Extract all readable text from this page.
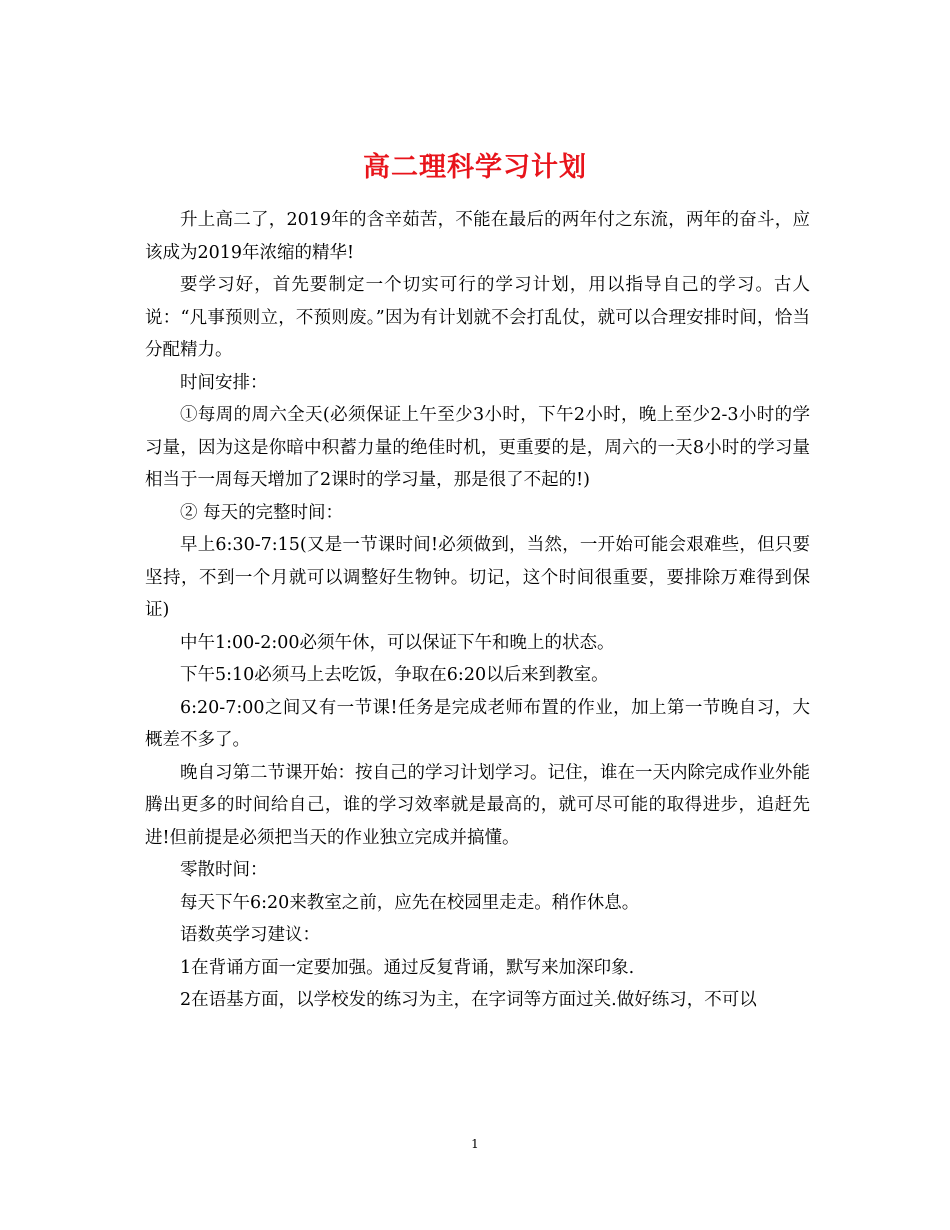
高二理科学习计划

升上高二了，2019年的含辛茹苦，不能在最后的两年付之东流，两年的奋斗，应该成为2019年浓缩的精华!

要学习好，首先要制定一个切实可行的学习计划，用以指导自己的学习。古人说：“凡事预则立，不预则废。”因为有计划就不会打乱仗，就可以合理安排时间，恰当分配精力。

时间安排：

①每周的周六全天(必须保证上午至少3小时，下午2小时，晚上至少2-3小时的学习量，因为这是你暗中积蓄力量的绝佳时机，更重要的是，周六的一天8小时的学习量相当于一周每天增加了2课时的学习量，那是很了不起的!)

② 每天的完整时间：

早上6:30-7:15(又是一节课时间!必须做到，当然，一开始可能会艰难些，但只要坚持，不到一个月就可以调整好生物钟。切记，这个时间很重要，要排除万难得到保证)

中午1:00-2:00必须午休，可以保证下午和晚上的状态。

下午5:10必须马上去吃饭，争取在6:20以后来到教室。

6:20-7:00之间又有一节课!任务是完成老师布置的作业，加上第一节晚自习，大概差不多了。

晚自习第二节课开始：按自己的学习计划学习。记住，谁在一天内除完成作业外能腾出更多的时间给自己，谁的学习效率就是最高的，就可尽可能的取得进步，追赶先进!但前提是必须把当天的作业独立完成并搞懂。

零散时间：

每天下午6:20来教室之前，应先在校园里走走。稍作休息。

语数英学习建议：

1在背诵方面一定要加强。通过反复背诵，默写来加深印象.

2在语基方面，以学校发的练习为主，在字词等方面过关.做好练习，不可以

1
